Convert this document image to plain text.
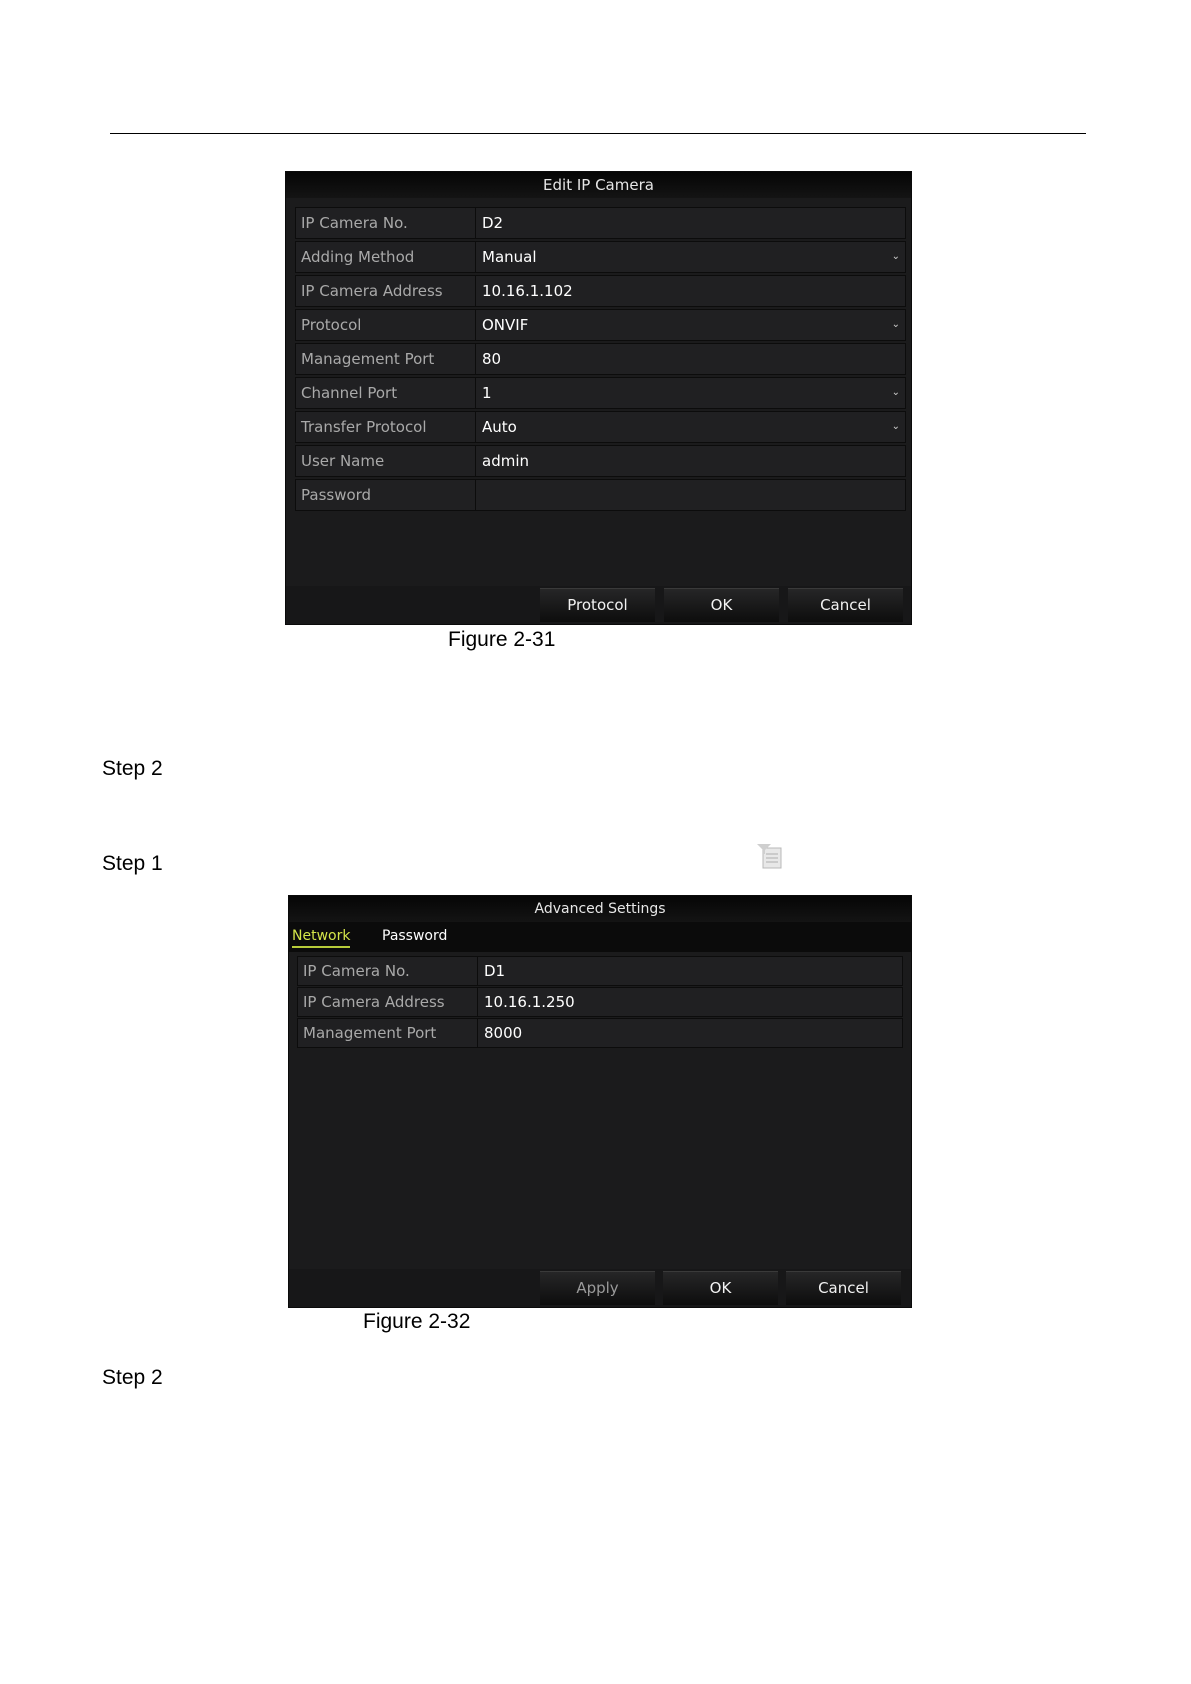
Edit IP Camera
IP Camera No.	D2
Adding Method	Manual	⌄
IP Camera Address	10.16.1.102
Protocol	ONVIF	⌄
Management Port	80
Channel Port	1	⌄
Transfer Protocol	Auto	⌄
User Name	admin
Password
Protocol	OK	Cancel
Figure 2-31
Step 2
Step 1
Step 2
Advanced Settings
Network Password
IP Camera No.	D1
IP Camera Address	10.16.1.250
Management Port	8000
Apply	OK	Cancel
Figure 2-32
